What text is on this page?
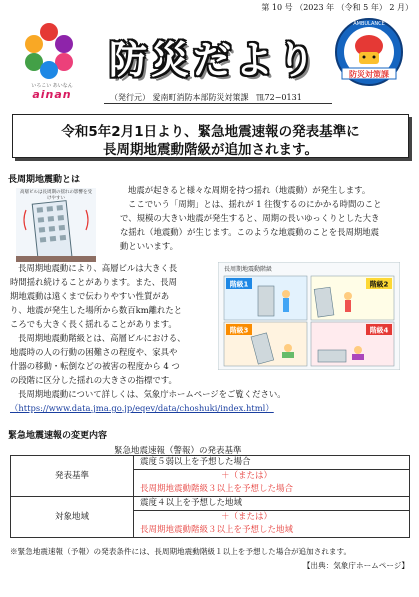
第 10 号 （2023 年 （令和 5 年） 2 月）
いろこい あいなん
ainan
防災だより
AMBULANCE
防災対策課
F.D.AINAN
（発行元） 愛南町消防本部防災対策課　℡72−0131
令和5年2月1日より、緊急地震速報の発表基準に
長周期地震動階級が追加されます。
長周期地震動とは
高層ビルは長周期の揺れの影響を受けやすい
地震が起きると様々な周期を持つ揺れ（地震動）が発生します。
ここでいう「周期」とは、揺れが 1 往復するのにかかる時間のこと
で、規模の大きい地震が発生すると、周期の長いゆっくりとした大き
な揺れ（地震動）が生じます。このような地震動のことを長周期地震
動といいます。
長周期地震動により、高層ビルは大きく長
時間揺れ続けることがあります。また、長周
期地震動は遠くまで伝わりやすい性質があ
り、地震が発生した場所から数百km離れたと
ころでも大きく長く揺れることがあります。
長周期地震動階級とは、高層ビルにおける、
地震時の人の行動の困難さの程度や、家具や
什器の移動・転倒などの被害の程度から 4 つ
の段階に区分した揺れの大きさの指標です。
長周期地震動について詳しくは、気象庁ホームページをご覧ください。
（https://www.data.jma.go.jp/eqev/data/choshuki/index.html）
長周期地震動階級
階級1	階級2
階級3	階級4
緊急地震速報の変更内容
緊急地震速報（警報）の発表基準
発表基準	震度５弱以上を予想した場合

	＋（または）

	長周期地震動階級３以上を予想した場合
対象地域	震度４以上を予想した地域

	＋（または）

	長周期地震動階級３以上を予想した地域
※緊急地震速報（予報）の発表条件には、長周期地震動階級１以上を予想した場合が追加されます。
【出典：気象庁ホームページ】
